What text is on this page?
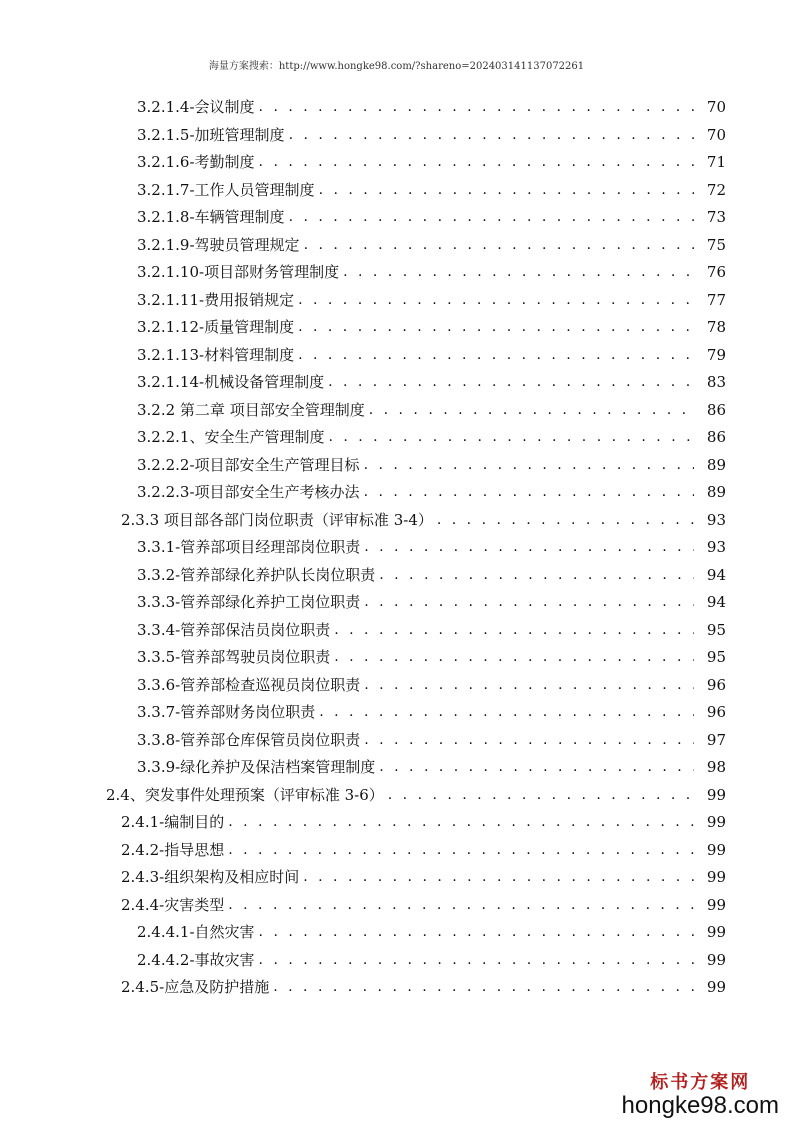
海量方案搜索：http://www.hongke98.com/?shareno=20240314113707226​1
3.2.1.4-会议制度 . . .	70
3.2.1.5-加班管理制度 . . .	70
3.2.1.6-考勤制度 . . .	71
3.2.1.7-工作人员管理制度 . . .	72
3.2.1.8-车辆管理制度 . . .	73
3.2.1.9-驾驶员管理规定 . . .	75
3.2.1.10-项目部财务管理制度 . . .	76
3.2.1.11-费用报销规定 . . .	77
3.2.1.12-质量管理制度 . . .	78
3.2.1.13-材料管理制度 . . .	79
3.2.1.14-机械设备管理制度 . . .	83
3.2.2 第二章 项目部安全管理制度 . . .	86
3.2.2.1、安全生产管理制度 . . .	86
3.2.2.2-项目部安全生产管理目标 . . .	89
3.2.2.3-项目部安全生产考核办法 . . .	89
2.3.3 项目部各部门岗位职责（评审标准 3-4） . . .	93
3.3.1-管养部项目经理部岗位职责 . . .	93
3.3.2-管养部绿化养护队长岗位职责 . . .	94
3.3.3-管养部绿化养护工岗位职责 . . .	94
3.3.4-管养部保洁员岗位职责 . . .	95
3.3.5-管养部驾驶员岗位职责 . . .	95
3.3.6-管养部检查巡视员岗位职责 . . .	96
3.3.7-管养部财务岗位职责 . . .	96
3.3.8-管养部仓库保管员岗位职责 . . .	97
3.3.9-绿化养护及保洁档案管理制度 . . .	98
2.4、突发事件处理预案（评审标准 3-6） . . .	99
2.4.1-编制目的 . . .	99
2.4.2-指导思想 . . .	99
2.4.3-组织架构及相应时间 . . .	99
2.4.4-灾害类型 . . .	99
2.4.4.1-自然灾害 . . .	99
2.4.4.2-事故灾害 . . .	99
2.4.5-应急及防护措施 . . .	99
标书方案网
hongke98.com
